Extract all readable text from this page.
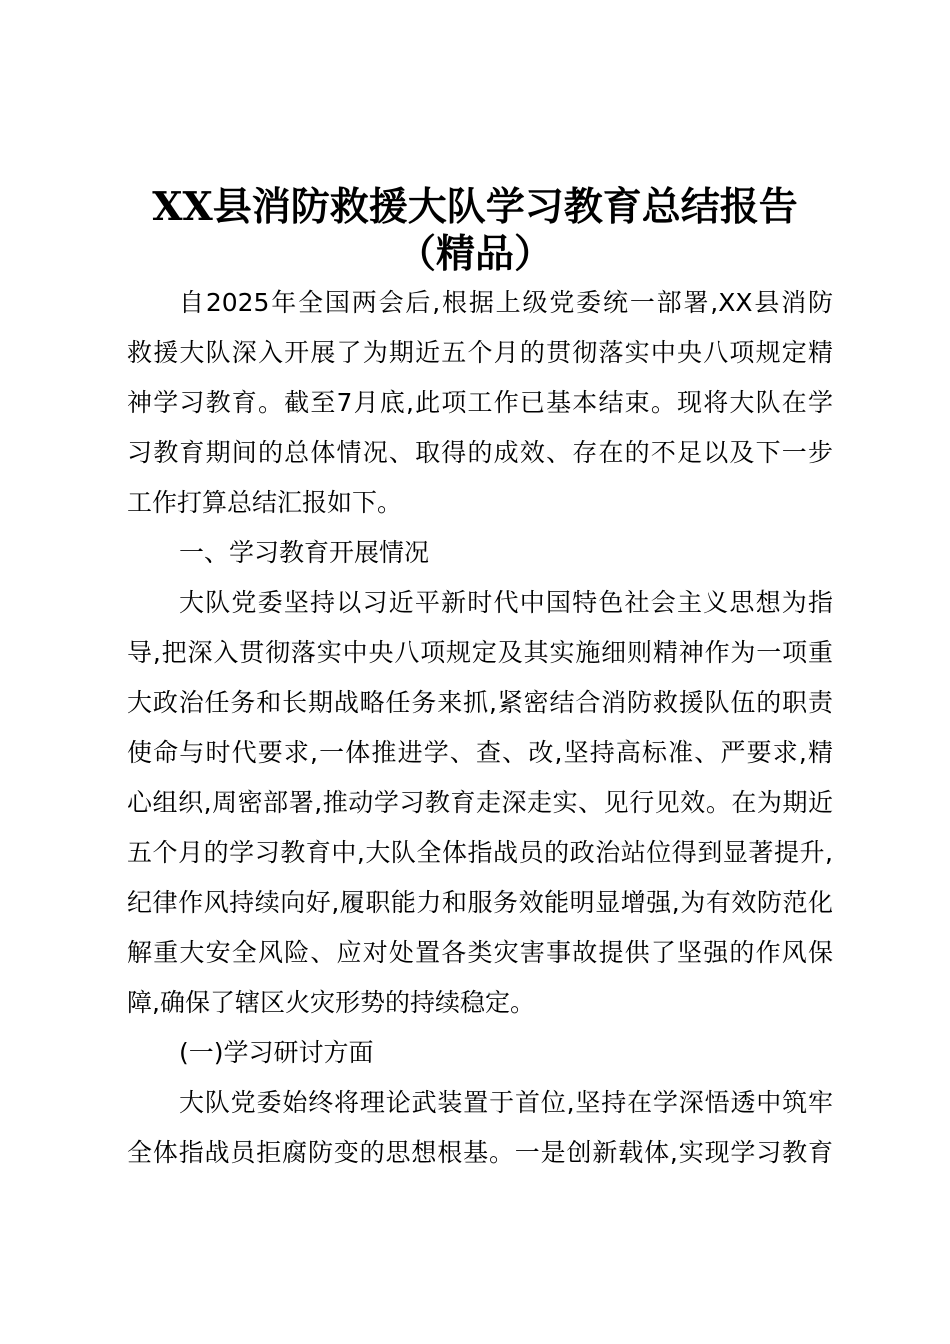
XX县消防救援大队学习教育总结报告
（精品）
自2025年全国两会后,根据上级党委统一部署,XX县消防
救援大队深入开展了为期近五个月的贯彻落实中央八项规定精
神学习教育。截至7月底,此项工作已基本结束。现将大队在学
习教育期间的总体情况、取得的成效、存在的不足以及下一步
工作打算总结汇报如下。
一、学习教育开展情况
大队党委坚持以习近平新时代中国特色社会主义思想为指
导,把深入贯彻落实中央八项规定及其实施细则精神作为一项重
大政治任务和长期战略任务来抓,紧密结合消防救援队伍的职责
使命与时代要求,一体推进学、查、改,坚持高标准、严要求,精
心组织,周密部署,推动学习教育走深走实、见行见效。在为期近
五个月的学习教育中,大队全体指战员的政治站位得到显著提升,
纪律作风持续向好,履职能力和服务效能明显增强,为有效防范化
解重大安全风险、应对处置各类灾害事故提供了坚强的作风保
障,确保了辖区火灾形势的持续稳定。
(一)学习研讨方面
大队党委始终将理论武装置于首位,坚持在学深悟透中筑牢
全体指战员拒腐防变的思想根基。一是创新载体,实现学习教育
